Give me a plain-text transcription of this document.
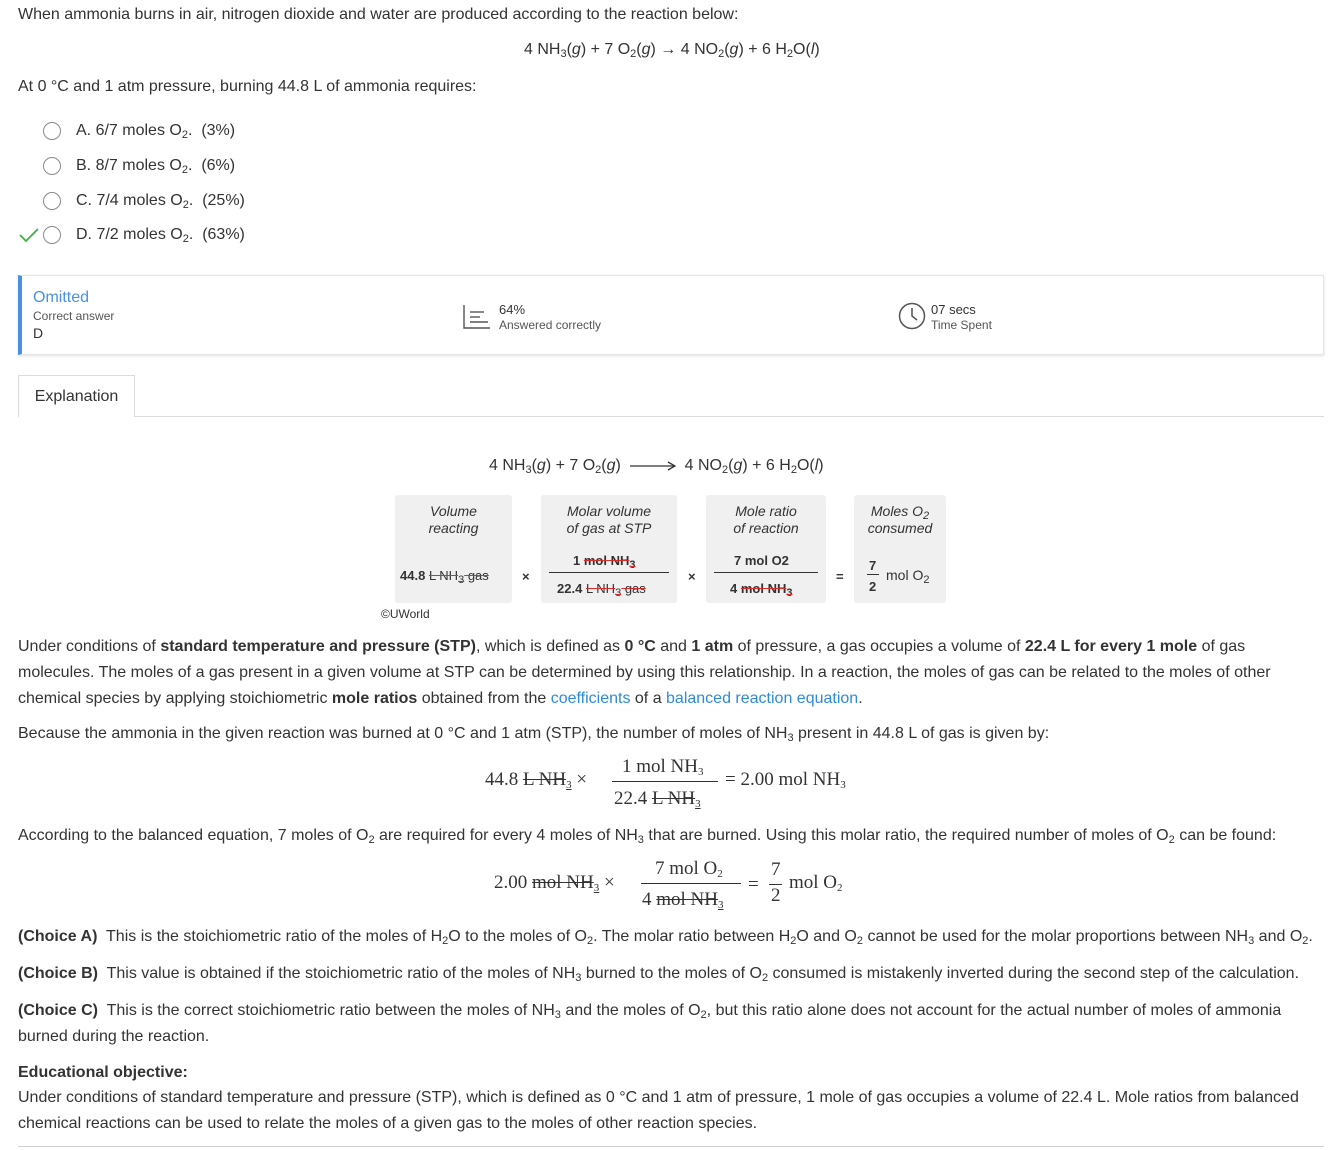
When ammonia burns in air, nitrogen dioxide and water are produced according to the reaction below:
4 $NH_3(g) + 7$ $O_2(g) \to 4$ $NO_2(g) + 6$ $H_2O(l)$
At 0 °C and 1 atm pressure, burning 44.8 L of ammonia requires:
A. 6/7 moles $O_2$.  (3%)
B. 8/7 moles $O_2$.  (6%)
C. 7/4 moles $O_2$.  (25%)
D. 7/2 moles $O_2$.  (63%)
Omitted
Correct answer
D
64%
Answered correctly
07 secs
Time Spent
Explanation
4 $NH_3(g) + 7$ $O_2(g)$	4 $NO_2(g) + 6$ $H_2O(l)$
Volume
reacting
44.8 L $NH_3$ gas	×
Molar volume
of gas at STP
1 mol $NH_3$
22.4 L $NH_3$ gas
×
Mole ratio
of reaction
7 mol O2
4 mol $NH_3$
=
Moles $O_2$
consumed
7
2
mol $O_2$
©UWorld
Under conditions of standard temperature and pressure (STP), which is defined as 0 °C and 1 atm of pressure, a gas occupies a volume of 22.4 L for every 1 mole of gas molecules. The moles of a gas present in a given volume at STP can be determined by using this relationship. In a reaction, the moles of gas can be related to the moles of other chemical species by applying stoichiometric mole ratios obtained from the coefficients of a balanced reaction equation.
Because the ammonia in the given reaction was burned at 0 °C and 1 atm (STP), the number of moles of $NH_3$ present in 44.8 L of gas is given by:
44.8 L $NH_3$ ×
1 mol $NH_3$
22.4 L $NH_3$
= 2.00 mol $NH_3$
According to the balanced equation, 7 moles of $O_2$ are required for every 4 moles of $NH_3$ that are burned. Using this molar ratio, the required number of moles of $O_2$ can be found:
2.00 mol $NH_3$ ×
7 mol $O_2$
4 mol $NH_3$
=
7
2
mol $O_2$
(Choice A) This is the stoichiometric ratio of the moles of $H_2O$ to the moles of $O_2$. The molar ratio between $H_2O$ and $O_2$ cannot be used for the molar proportions between $NH_3$ and $O_2$.
(Choice B) This value is obtained if the stoichiometric ratio of the moles of $NH_3$ burned to the moles of $O_2$ consumed is mistakenly inverted during the second step of the calculation.
(Choice C) This is the correct stoichiometric ratio between the moles of $NH_3$ and the moles of $O_2$, but this ratio alone does not account for the actual number of moles of ammonia burned during the reaction.
Educational objective:
Under conditions of standard temperature and pressure (STP), which is defined as 0 °C and 1 atm of pressure, 1 mole of gas occupies a volume of 22.4 L. Mole ratios from balanced chemical reactions can be used to relate the moles of a given gas to the moles of other reaction species.
